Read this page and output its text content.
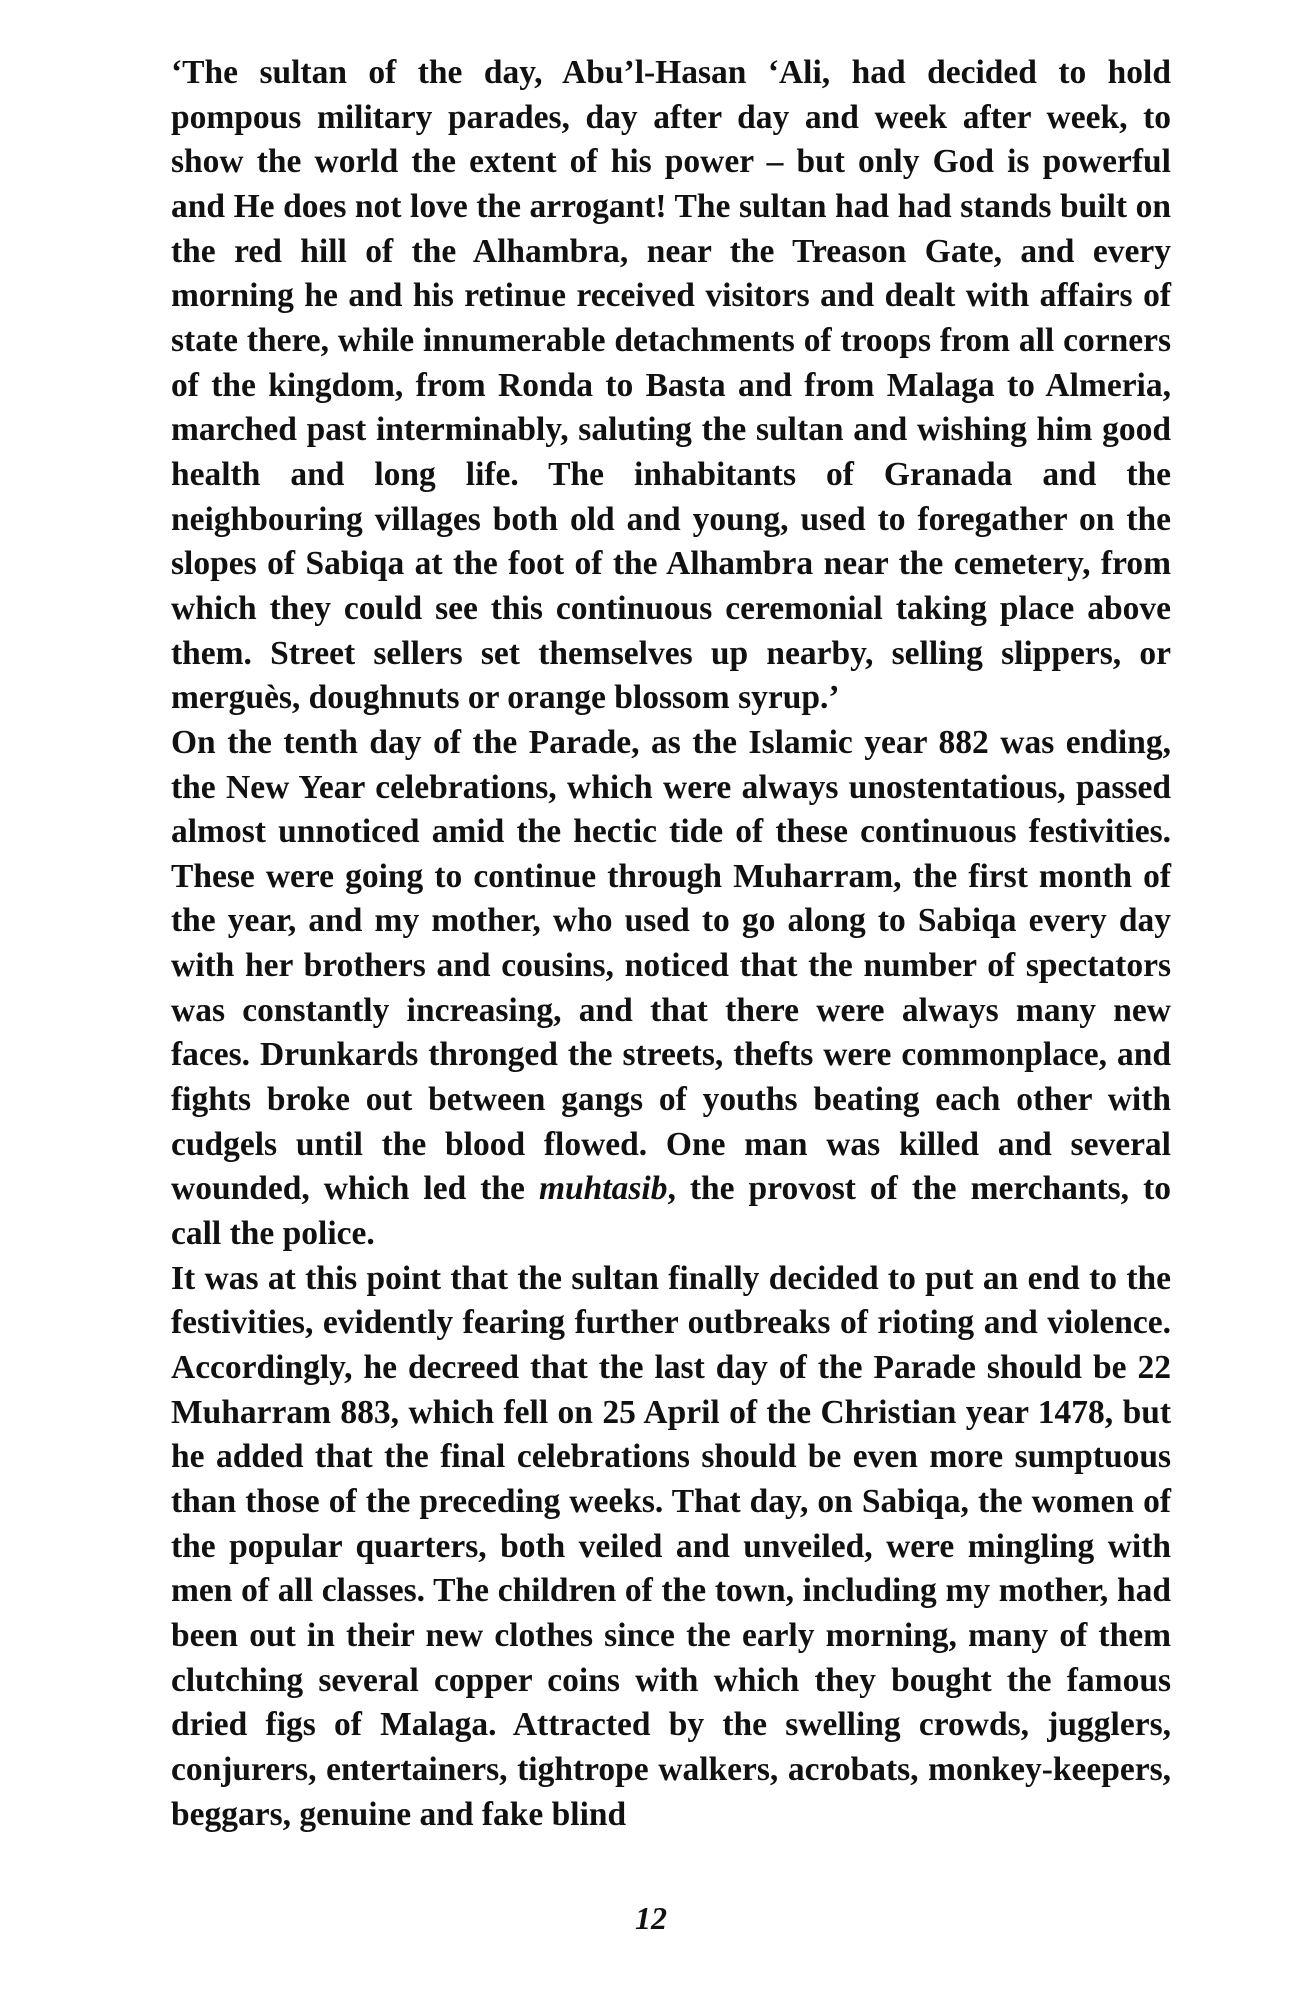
‘The sultan of the day, Abu’l-Hasan ‘Ali, had decided to hold pompous military parades, day after day and week after week, to show the world the extent of his power – but only God is powerful and He does not love the arrogant! The sultan had had stands built on the red hill of the Alhambra, near the Treason Gate, and every morning he and his retinue received visitors and dealt with affairs of state there, while innumerable detachments of troops from all corners of the kingdom, from Ronda to Basta and from Malaga to Almeria, marched past interminably, saluting the sultan and wishing him good health and long life. The inhabitants of Granada and the neighbouring villages both old and young, used to foregather on the slopes of Sabiqa at the foot of the Alhambra near the cemetery, from which they could see this continuous ceremonial taking place above them. Street sellers set themselves up nearby, selling slippers, or merguès, doughnuts or orange blossom syrup.’

On the tenth day of the Parade, as the Islamic year 882 was ending, the New Year celebrations, which were always unostentatious, passed almost unnoticed amid the hectic tide of these continuous festivities. These were going to continue through Muharram, the first month of the year, and my mother, who used to go along to Sabiqa every day with her brothers and cousins, noticed that the number of spectators was constantly increasing, and that there were always many new faces. Drunkards thronged the streets, thefts were commonplace, and fights broke out between gangs of youths beating each other with cudgels until the blood flowed. One man was killed and several wounded, which led the muhtasib, the provost of the merchants, to call the police.

It was at this point that the sultan finally decided to put an end to the festivities, evidently fearing further outbreaks of rioting and violence. Accordingly, he decreed that the last day of the Parade should be 22 Muharram 883, which fell on 25 April of the Christian year 1478, but he added that the final celebrations should be even more sumptuous than those of the preceding weeks. That day, on Sabiqa, the women of the popular quarters, both veiled and unveiled, were mingling with men of all classes. The children of the town, including my mother, had been out in their new clothes since the early morning, many of them clutching several copper coins with which they bought the famous dried figs of Malaga. Attracted by the swelling crowds, jugglers, conjurers, entertainers, tightrope walkers, acrobats, monkey-keepers, beggars, genuine and fake blind

12
